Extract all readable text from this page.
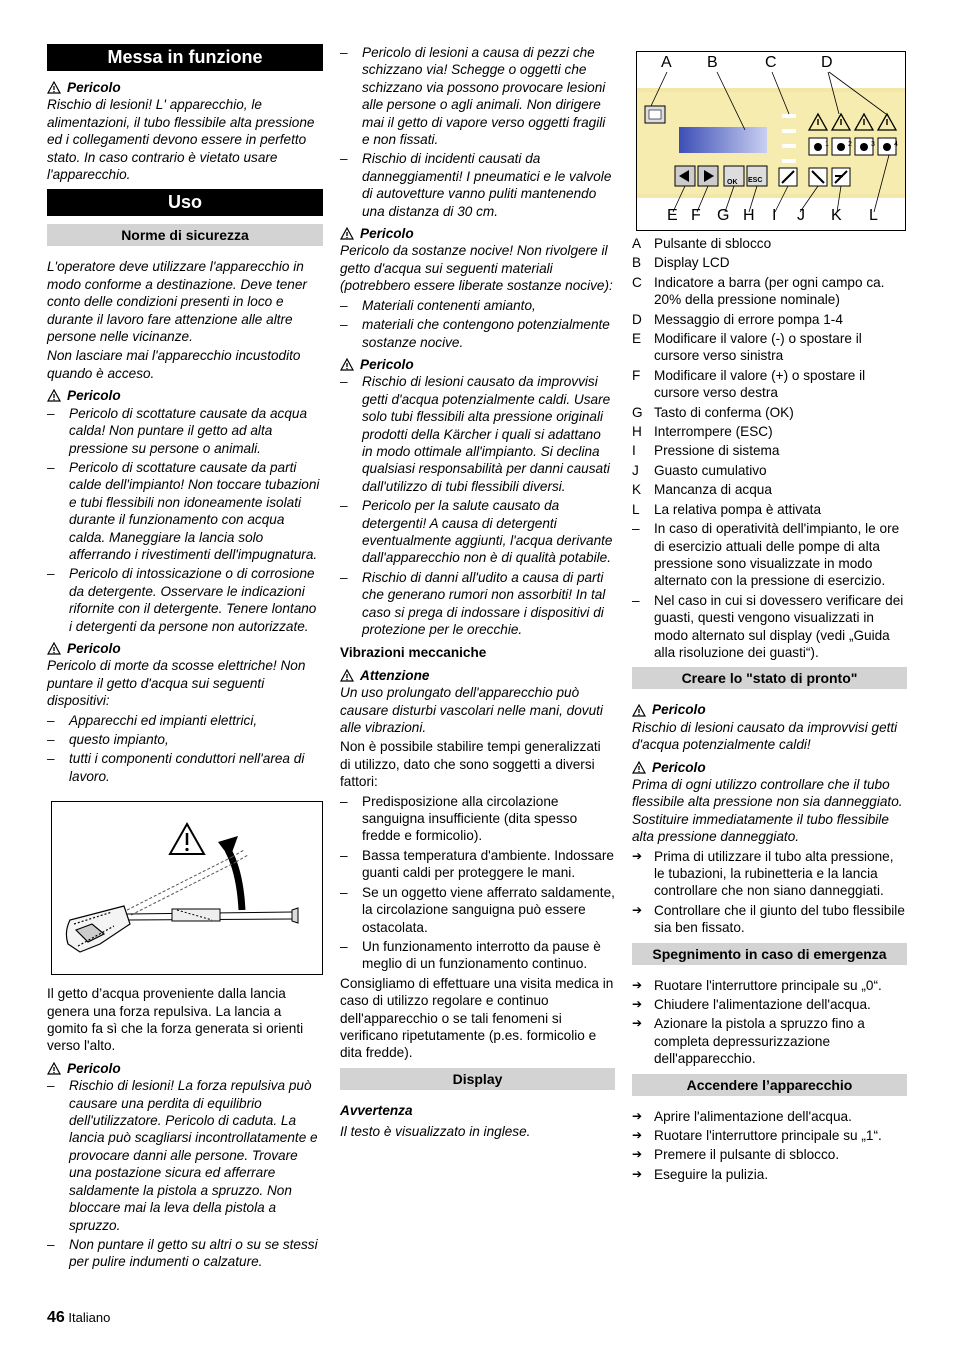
Messa in funzione
Pericolo

Rischio di lesioni! L' apparecchio, le alimentazioni, il tubo flessibile alta pressione ed i collegamenti devono essere in perfetto stato. In caso contrario è vietato usare l'apparecchio.

Uso
Norme di sicurezza

L'operatore deve utilizzare l'apparecchio in modo conforme a destinazione. Deve tener conto delle condizioni presenti in loco e durante il lavoro fare attenzione alle altre persone nelle vicinanze.

Non lasciare mai l'apparecchio incustodito quando è acceso.

Pericolo
– Pericolo di scottature causate da acqua calda! Non puntare il getto ad alta pressione su persone o animali.
– Pericolo di scottature causate da parti calde dell'impianto! Non toccare tubazioni e tubi flessibili non idoneamente isolati durante il funzionamento con acqua calda. Maneggiare la lancia solo afferrando i rivestimenti dell'impugnatura.
– Pericolo di intossicazione o di corrosione da detergente. Osservare le indicazioni rifornite con il detergente. Tenere lontano i detergenti da persone non autorizzate.
Pericolo

Pericolo di morte da scosse elettriche! Non puntare il getto d'acqua sui seguenti dispositivi:

– Apparecchi ed impianti elettrici,
– questo impianto,
– tutti i componenti conduttori nell'area di lavoro.

Il getto d’acqua proveniente dalla lancia genera una forza repulsiva. La lancia a gomito fa sì che la forza generata si orienti verso l'alto.

Pericolo
– Rischio di lesioni! La forza repulsiva può causare una perdita di equilibrio dell'utilizzatore. Pericolo di caduta. La lancia può scagliarsi incontrollatamente e provocare danni alle persone. Trovare una postazione sicura ed afferrare saldamente la pistola a spruzzo. Non bloccare mai la leva della pistola a spruzzo.
– Non puntare il getto su altri o su se stessi per pulire indumenti o calzature.
– Pericolo di lesioni a causa di pezzi che schizzano via! Schegge o oggetti che schizzano via possono provocare lesioni alle persone o agli animali. Non dirigere mai il getto di vapore verso oggetti fragili e non fissati.
– Rischio di incidenti causati da danneggiamenti! I pneumatici e le valvole di autovetture vanno puliti mantenendo una distanza di 30 cm.
Pericolo

Pericolo da sostanze nocive! Non rivolgere il getto d'acqua sui seguenti materiali (potrebbero essere liberate sostanze nocive):

– Materiali contenenti amianto,
– materiali che contengono potenzialmente sostanze nocive.
Pericolo
– Rischio di lesioni causato da improvvisi getti d'acqua potenzialmente caldi. Usare solo tubi flessibili alta pressione originali prodotti della Kärcher i quali si adattano in modo ottimale all'impianto. Si declina qualsiasi responsabilità per danni causati dall'utilizzo di tubi flessibili diversi.
– Pericolo per la salute causato da detergenti! A causa di detergenti eventualmente aggiunti, l'acqua derivante dall'apparecchio non è di qualità potabile.
– Rischio di danni all'udito a causa di parti che generano rumori non assorbiti! In tal caso si prega di indossare i dispositivi di protezione per le orecchie.
Vibrazioni meccaniche
Attenzione

Un uso prolungato dell'apparecchio può causare disturbi vascolari nelle mani, dovuti alle vibrazioni.

Non è possibile stabilire tempi generalizzati di utilizzo, dato che sono soggetti a diversi fattori:

– Predisposizione alla circolazione sanguigna insufficiente (dita spesso fredde e formicolio).
– Bassa temperatura d'ambiente. Indossare guanti caldi per proteggere le mani.
– Se un oggetto viene afferrato saldamente, la circolazione sanguigna può essere ostacolata.
– Un funzionamento interrotto da pause è meglio di un funzionamento continuo.

Consigliamo di effettuare una visita medica in caso di utilizzo regolare e continuo dell'apparecchio o se tali fenomeni si verificano ripetutamente (p.es. formicolio e dita fredde).

Display
Avvertenza

Il testo è visualizzato in inglese.

A B	C	D
E F G H I J K L
OK ESC
1	2	3	4
A Pulsante di sblocco
B Display LCD
C Indicatore a barra (per ogni campo ca. 20% della pressione nominale)
D Messaggio di errore pompa 1-4
E Modificare il valore (-) o spostare il cursore verso sinistra
F	Modificare il valore (+) o spostare il cursore verso destra
G Tasto di conferma (OK)
H Interrompere (ESC)
I	Pressione di sistema
J	Guasto cumulativo
K Mancanza di acqua
L	La relativa pompa è attivata
– In caso di operatività dell'impianto, le ore di esercizio attuali delle pompe di alta pressione sono visualizzate in modo alternato con la pressione di esercizio.
– Nel caso in cui si dovessero verificare dei guasti, questi vengono visualizzati in modo alternato sul display (vedi „Guida alla risoluzione dei guasti“).
Creare lo "stato di pronto"
Pericolo

Rischio di lesioni causato da improvvisi getti d'acqua potenzialmente caldi!

Pericolo

Prima di ogni utilizzo controllare che il tubo flessibile alta pressione non sia danneggiato. Sostituire immediatamente il tubo flessibile alta pressione danneggiato.

➔ Prima di utilizzare il tubo alta pressione, le tubazioni, la rubinetteria e la lancia controllare che non siano danneggiati.
➔ Controllare che il giunto del tubo flessibile sia ben fissato.
Spegnimento in caso di emergenza
➔ Ruotare l'interruttore principale su „0“.
➔ Chiudere l'alimentazione dell'acqua.
➔ Azionare la pistola a spruzzo fino a completa depressurizzazione dell'apparecchio.
Accendere l’apparecchio
➔ Aprire l'alimentazione dell'acqua.
➔ Ruotare l'interruttore principale su „1“.
➔ Premere il pulsante di sblocco.
➔ Eseguire la pulizia.
46 Italiano
